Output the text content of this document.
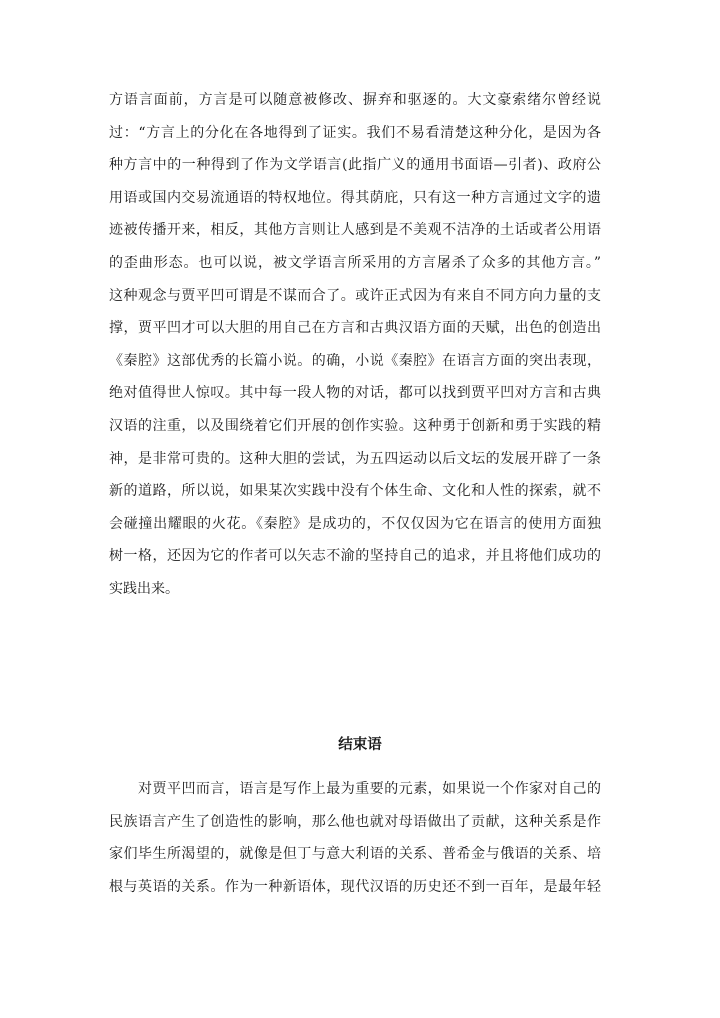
方语言面前，方言是可以随意被修改、摒弃和驱逐的。大文豪索绪尔曾经说
过：“方言上的分化在各地得到了证实。我们不易看清楚这种分化，是因为各
种方言中的一种得到了作为文学语言(此指广义的通用书面语—引者)、政府公
用语或国内交易流通语的特权地位。得其荫庇，只有这一种方言通过文字的遗
迹被传播开来，相反，其他方言则让人感到是不美观不洁净的土话或者公用语
的歪曲形态。也可以说，被文学语言所采用的方言屠杀了众多的其他方言。”
这种观念与贾平凹可谓是不谋而合了。或许正式因为有来自不同方向力量的支
撑，贾平凹才可以大胆的用自己在方言和古典汉语方面的天赋，出色的创造出
《秦腔》这部优秀的长篇小说。的确，小说《秦腔》在语言方面的突出表现，
绝对值得世人惊叹。其中每一段人物的对话，都可以找到贾平凹对方言和古典
汉语的注重，以及围绕着它们开展的创作实验。这种勇于创新和勇于实践的精
神，是非常可贵的。这种大胆的尝试，为五四运动以后文坛的发展开辟了一条
新的道路，所以说，如果某次实践中没有个体生命、文化和人性的探索，就不
会碰撞出耀眼的火花。《秦腔》是成功的，不仅仅因为它在语言的使用方面独
树一格，还因为它的作者可以矢志不渝的坚持自己的追求，并且将他们成功的
实践出来。
结束语
对贾平凹而言，语言是写作上最为重要的元素，如果说一个作家对自己的
民族语言产生了创造性的影响，那么他也就对母语做出了贡献，这种关系是作
家们毕生所渴望的，就像是但丁与意大利语的关系、普希金与俄语的关系、培
根与英语的关系。作为一种新语体，现代汉语的历史还不到一百年，是最年轻
